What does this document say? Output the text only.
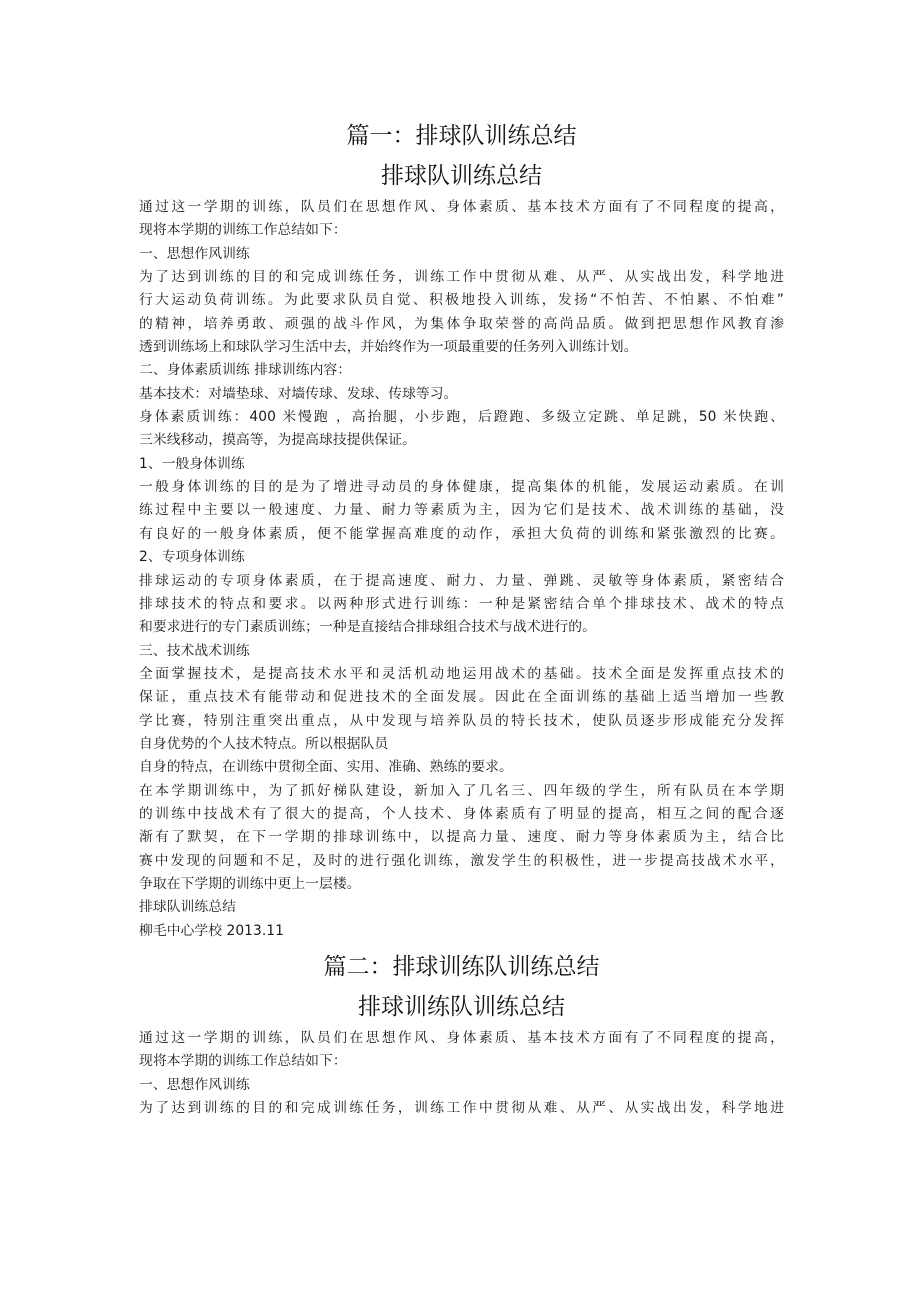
篇一：排球队训练总结
排球队训练总结
通过这一学期的训练，队员们在思想作风、身体素质、基本技术方面有了不同程度的提高，
现将本学期的训练工作总结如下：
一、思想作风训练
为了达到训练的目的和完成训练任务，训练工作中贯彻从难、从严、从实战出发，科学地进
行大运动负荷训练。为此要求队员自觉、积极地投入训练，发扬“不怕苦、不怕累、不怕难”
的精神，培养勇敢、顽强的战斗作风，为集体争取荣誉的高尚品质。做到把思想作风教育渗
透到训练场上和球队学习生活中去，并始终作为一项最重要的任务列入训练计划。
二、身体素质训练 排球训练内容：
基本技术：对墙垫球、对墙传球、发球、传球等习。
身体素质训练：400 米慢跑 ，高抬腿，小步跑，后蹬跑、多级立定跳、单足跳，50 米快跑、
三米线移动，摸高等，为提高球技提供保证。
1、一般身体训练
一般身体训练的目的是为了增进寻动员的身体健康，提高集体的机能，发展运动素质。在训
练过程中主要以一般速度、力量、耐力等素质为主，因为它们是技术、战术训练的基础，没
有良好的一般身体素质，便不能掌握高难度的动作，承担大负荷的训练和紧张激烈的比赛。
2、专项身体训练
排球运动的专项身体素质，在于提高速度、耐力、力量、弹跳、灵敏等身体素质，紧密结合
排球技术的特点和要求。以两种形式进行训练：一种是紧密结合单个排球技术、战术的特点
和要求进行的专门素质训练；一种是直接结合排球组合技术与战术进行的。
三、技术战术训练
全面掌握技术，是提高技术水平和灵活机动地运用战术的基础。技术全面是发挥重点技术的
保证，重点技术有能带动和促进技术的全面发展。因此在全面训练的基础上适当增加一些教
学比赛，特别注重突出重点，从中发现与培养队员的特长技术，使队员逐步形成能充分发挥
自身优势的个人技术特点。所以根据队员
自身的特点，在训练中贯彻全面、实用、准确、熟练的要求。
在本学期训练中，为了抓好梯队建设，新加入了几名三、四年级的学生，所有队员在本学期
的训练中技战术有了很大的提高，个人技术、身体素质有了明显的提高，相互之间的配合逐
渐有了默契，在下一学期的排球训练中，以提高力量、速度、耐力等身体素质为主，结合比
赛中发现的问题和不足，及时的进行强化训练，激发学生的积极性，进一步提高技战术水平，
争取在下学期的训练中更上一层楼。
排球队训练总结
柳毛中心学校 2013.11
篇二：排球训练队训练总结
排球训练队训练总结
通过这一学期的训练，队员们在思想作风、身体素质、基本技术方面有了不同程度的提高，
现将本学期的训练工作总结如下：
一、思想作风训练
为了达到训练的目的和完成训练任务，训练工作中贯彻从难、从严、从实战出发，科学地进
